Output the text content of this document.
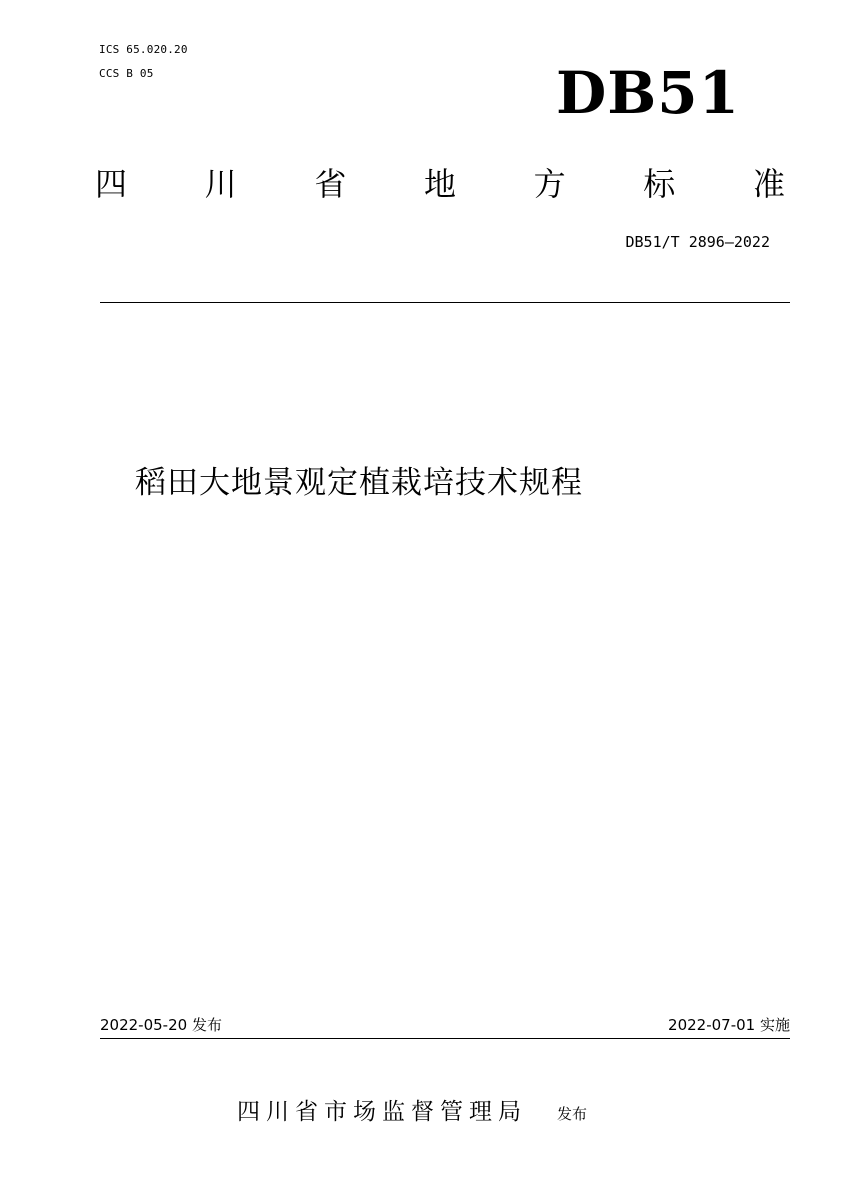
ICS 65.020.20
CCS B 05	DB51
四 川 省 地 方 标 准
DB51/T 2896—2022
稻田大地景观定植栽培技术规程
2022-05-20 发布	2022-07-01 实施
四川省市场监督管理局 发布
